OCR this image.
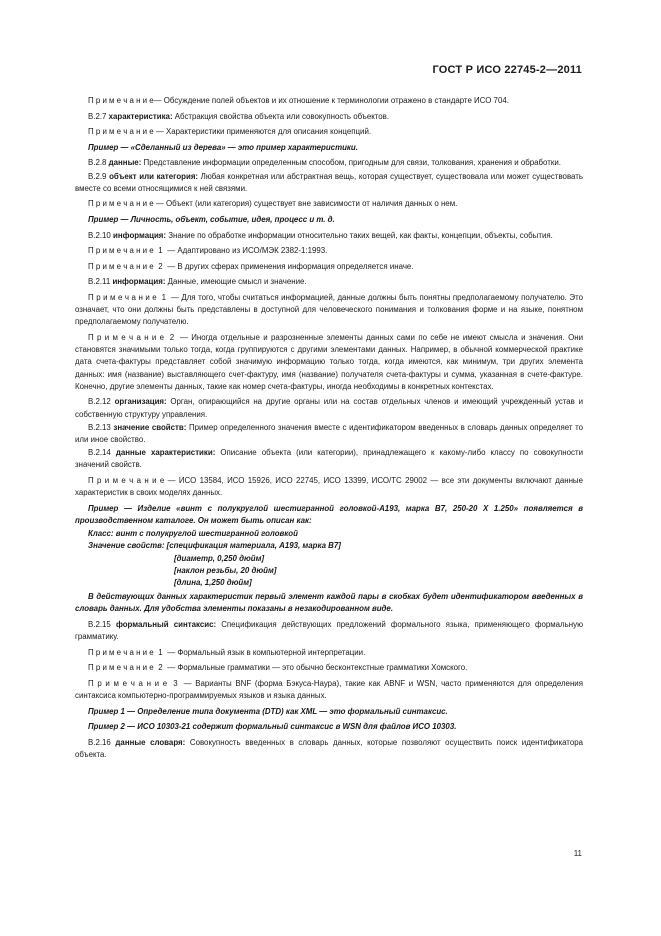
ГОСТ Р ИСО 22745-2—2011

П р и м е ч а н и е— Обсуждение полей объектов и их отношение к терминологии отражено в стандарте ИСО 704.

В.2.7 характеристика: Абстракция свойства объекта или совокупность объектов.

П р и м е ч а н и е — Характеристики применяются для описания концепций.

Пример — «Сделанный из дерева» — это пример характеристики.

В.2.8 данные: Представление информации определенным способом, пригодным для связи, толкования, хранения и обработки.

В.2.9 объект или категория: Любая конкретная или абстрактная вещь, которая существует, существовала или может существовать вместе со всеми относящимися к ней связями.

П р и м е ч а н и е — Объект (или категория) существует вне зависимости от наличия данных о нем.

Пример — Личность, объект, событие, идея, процесс и т. д.

В.2.10 информация: Знание по обработке информации относительно таких вещей, как факты, концепции, объекты, события.

П р и м е ч а н и е 1 — Адаптировано из ИСО/МЭК 2382-1:1993.

П р и м е ч а н и е 2 — В других сферах применения информация определяется иначе.

В.2.11 информация: Данные, имеющие смысл и значение.

П р и м е ч а н и е 1 — Для того, чтобы считаться информацией, данные должны быть понятны предполагаемому получателю. Это означает, что они должны быть представлены в доступной для человеческого понимания и толкования форме и на языке, понятном предполагаемому получателю.

П р и м е ч а н и е 2 — Иногда отдельные и разрозненные элементы данных сами по себе не имеют смысла и значения. Они становятся значимыми только тогда, когда группируются с другими элементами данных. Например, в обычной коммерческой практике дата счета-фактуры представляет собой значимую информацию только тогда, когда имеются, как минимум, три других элемента данных: имя (название) выставляющего счет-фактуру, имя (название) получателя счета-фактуры и сумма, указанная в счете-фактуре. Конечно, другие элементы данных, такие как номер счета-фактуры, иногда необходимы в конкретных контекстах.

В.2.12 организация: Орган, опирающийся на другие органы или на состав отдельных членов и имеющий учрежденный устав и собственную структуру управления.

В.2.13 значение свойств: Пример определенного значения вместе с идентификатором введенных в словарь данных определяет то или иное свойство.

В.2.14 данные характеристики: Описание объекта (или категории), принадлежащего к какому-либо классу по совокупности значений свойств.

П р и м е ч а н и е — ИСО 13584, ИСО 15926, ИСО 22745, ИСО 13399, ИСО/ТС 29002 — все эти документы включают данные характеристик в своих моделях данных.

Пример — Изделие «винт с полукруглой шестигранной головкой-А193, марка В7, 250-20 Х 1.250» появляется в производственном каталоге. Он может быть описан как:

Класс: винт с полукруглой шестигранной головкой
Значение свойств: [спецификация материала, А193, марка В7]
[диаметр, 0,250 дюйм]
[наклон резьбы, 20 дюйм]
[длина, 1,250 дюйм]

В действующих данных характеристик первый элемент каждой пары в скобках будет идентификатором введенных в словарь данных. Для удобства элементы показаны в незакодированном виде.

В.2.15 формальный синтаксис: Спецификация действующих предложений формального языка, применяющего формальную грамматику.

П р и м е ч а н и е 1 — Формальный язык в компьютерной интерпретации.

П р и м е ч а н и е 2 — Формальные грамматики — это обычно бесконтекстные грамматики Хомского.

П р и м е ч а н и е 3 — Варианты BNF (форма Бэкуса-Наура), такие как ABNF и WSN, часто применяются для определения синтаксиса компьютерно-программируемых языков и языка данных.

Пример 1 — Определение типа документа (DTD) как XML — это формальный синтаксис.

Пример 2 — ИСО 10303-21 содержит формальный синтаксис в WSN для файлов ИСО 10303.

В.2.16 данные словаря: Совокупность введенных в словарь данных, которые позволяют осуществить поиск идентификатора объекта.

11
